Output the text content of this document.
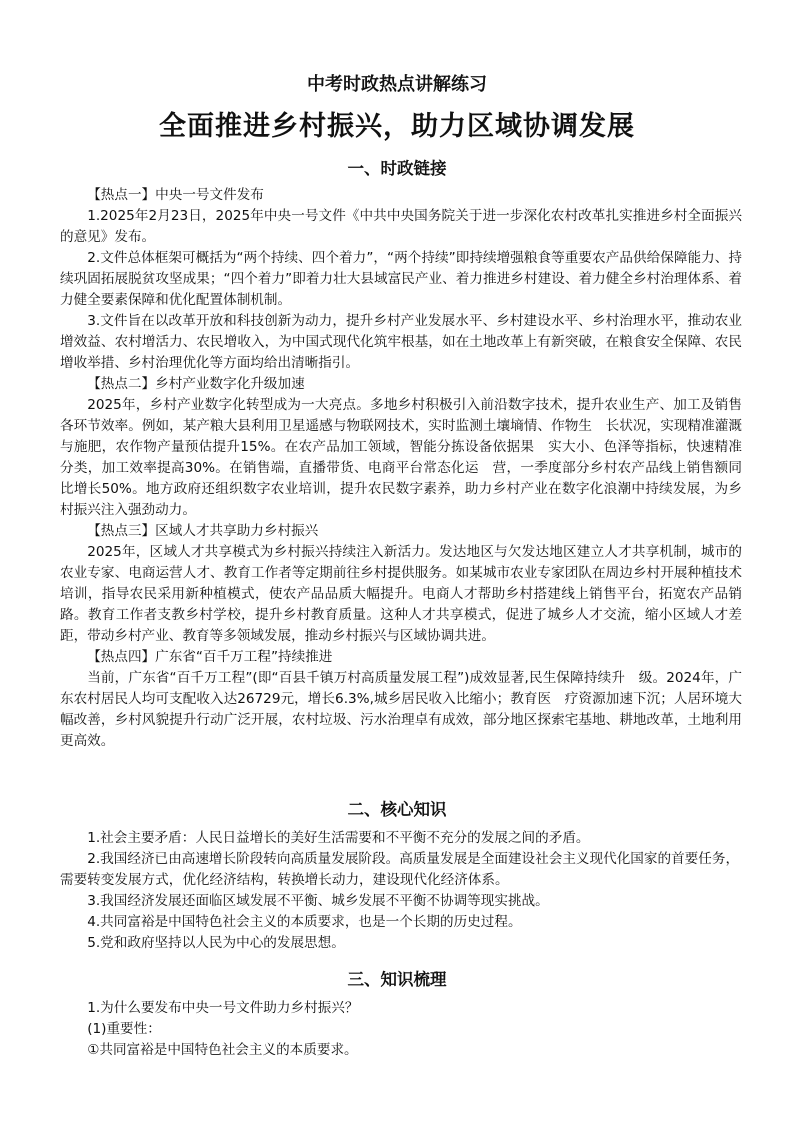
中考时政热点讲解练习
全面推进乡村振兴，助力区域协调发展
一、时政链接

【热点一】中央一号文件发布

1.2025年2月23日，2025年中央一号文件《中共中央国务院关于进一步深化农村改革扎实推进乡村全面振兴的意见》发布。

2.文件总体框架可概括为“两个持续、四个着力”，“两个持续”即持续增强粮食等重要农产品供给保障能力、持续巩固拓展脱贫攻坚成果；“四个着力”即着力壮大县域富民产业、着力推进乡村建设、着力健全乡村治理体系、着力健全要素保障和优化配置体制机制。

3.文件旨在以改革开放和科技创新为动力，提升乡村产业发展水平、乡村建设水平、乡村治理水平，推动农业增效益、农村增活力、农民增收入，为中国式现代化筑牢根基，如在土地改革上有新突破，在粮食安全保障、农民增收举措、乡村治理优化等方面均给出清晰指引。

【热点二】乡村产业数字化升级加速

2025年，乡村产业数字化转型成为一大亮点。多地乡村积极引入前沿数字技术，提升农业生产、加工及销售各环节效率。例如，某产粮大县利用卫星遥感与物联网技术，实时监测土壤墒情、作物生　长状况，实现精准灌溉与施肥，农作物产量预估提升15%。在农产品加工领域，智能分拣设备依据果　实大小、色泽等指标，快速精准分类，加工效率提高30%。在销售端，直播带货、电商平台常态化运　营，一季度部分乡村农产品线上销售额同比增长50%。地方政府还组织数字农业培训，提升农民数字素养，助力乡村产业在数字化浪潮中持续发展，为乡村振兴注入强劲动力。

【热点三】区域人才共享助力乡村振兴

2025年，区域人才共享模式为乡村振兴持续注入新活力。发达地区与欠发达地区建立人才共享机制，城市的农业专家、电商运营人才、教育工作者等定期前往乡村提供服务。如某城市农业专家团队在周边乡村开展种植技术培训，指导农民采用新种植模式，使农产品品质大幅提升。电商人才帮助乡村搭建线上销售平台，拓宽农产品销路。教育工作者支教乡村学校，提升乡村教育质量。这种人才共享模式，促进了城乡人才交流，缩小区域人才差距，带动乡村产业、教育等多领域发展，推动乡村振兴与区域协调共进。

【热点四】广东省“百千万工程”持续推进

当前，广东省“百千万工程”(即“百县千镇万村高质量发展工程”)成效显著,民生保障持续升　级。2024年，广东农村居民人均可支配收入达26729元，增长6.3%,城乡居民收入比缩小；教育医　疗资源加速下沉；人居环境大幅改善，乡村风貌提升行动广泛开展，农村垃圾、污水治理卓有成效，部分地区探索宅基地、耕地改革，土地利用更高效。

二、核心知识

1.社会主要矛盾：人民日益增长的美好生活需要和不平衡不充分的发展之间的矛盾。

2.我国经济已由高速增长阶段转向高质量发展阶段。高质量发展是全面建设社会主义现代化国家的首要任务，需要转变发展方式，优化经济结构，转换增长动力，建设现代化经济体系。

3.我国经济发展还面临区域发展不平衡、城乡发展不平衡不协调等现实挑战。

4.共同富裕是中国特色社会主义的本质要求，也是一个长期的历史过程。

5.党和政府坚持以人民为中心的发展思想。

三、知识梳理

1.为什么要发布中央一号文件助力乡村振兴？

(1)重要性：

①共同富裕是中国特色社会主义的本质要求。
